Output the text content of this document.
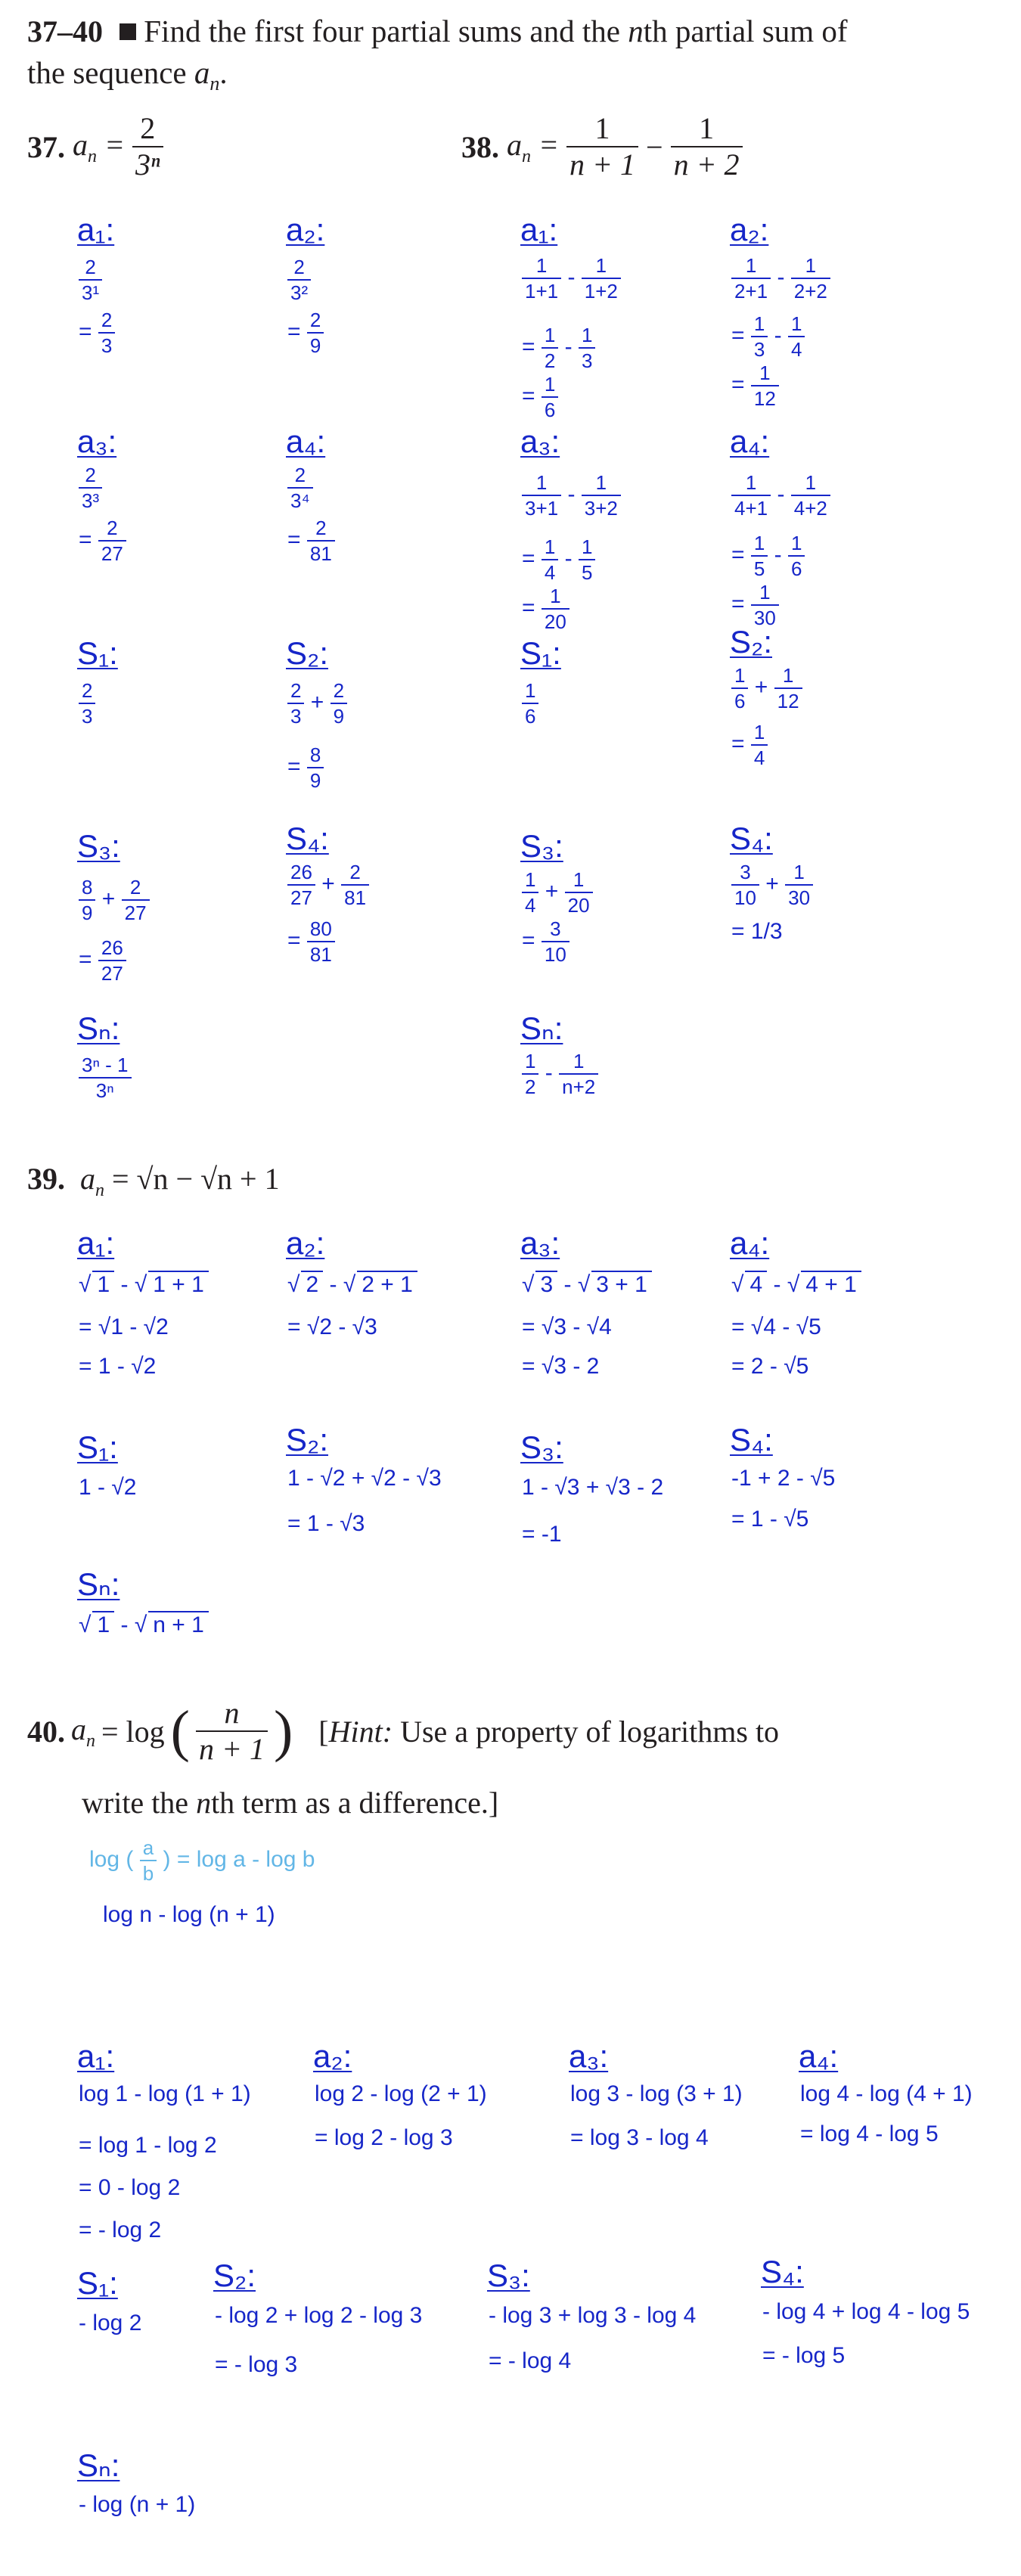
37–40 Find the first four partial sums and the nth partial sum of
the sequence $a_n$.
37. $a_n = \frac{2}{\text{3ⁿ}}$
a₁:
$\frac{2}{\text{3¹}}$
= $\frac{2}{3}$
a₂:
$\frac{2}{\text{3²}}$
= $\frac{2}{9}$
a₃:
$\frac{2}{\text{3³}}$
= $\frac{2}{27}$
a₄:
$\frac{2}{\text{3⁴}}$
= $\frac{2}{81}$
S₁:
$\frac{2}{3}$
S₂:
$\frac{2}{3} + \frac{2}{9}$
= $\frac{8}{9}$
S₃:
$\frac{8}{9} + \frac{2}{27}$
= $\frac{26}{27}$
S₄:
$\frac{26}{27} + \frac{2}{81}$
= $\frac{80}{81}$
Sₙ:
$\frac{\text{3ⁿ - 1}}{\text{3ⁿ}}$
38. $a_n = \frac{1}{n + 1} - \frac{1}{n + 2}$
a₁:
$\frac{1}{1+1} - \frac{1}{1+2}$
= $\frac{1}{2} - \frac{1}{3}$
= $\frac{1}{6}$
a₂:
$\frac{1}{2+1} - \frac{1}{2+2}$
= $\frac{1}{3} - \frac{1}{4}$
= $\frac{1}{12}$
a₃:
$\frac{1}{3+1} - \frac{1}{3+2}$
= $\frac{1}{4} - \frac{1}{5}$
= $\frac{1}{20}$
a₄:
$\frac{1}{4+1} - \frac{1}{4+2}$
= $\frac{1}{5} - \frac{1}{6}$
= $\frac{1}{30}$
S₁:
$\frac{1}{6}$
S₂:
$\frac{1}{6} + \frac{1}{12}$
= $\frac{1}{4}$
S₃:
$\frac{1}{4} + \frac{1}{20}$
= $\frac{3}{10}$
S₄:
$\frac{3}{10} + \frac{1}{30}$
= 1/3
Sₙ:
$\frac{1}{2} - \frac{1}{n+2}$
39. $a_n = √n - √n + 1$
a₁:
√ 1 - √ 1 + 1
= √1 - √2
= 1 - √2
a₂:
√ 2 - √ 2 + 1
= √2 - √3
a₃:
√ 3 - √ 3 + 1
= √3 - √4
= √3 - 2
a₄:
√ 4 - √ 4 + 1
= √4 - √5
= 2 - √5
S₁:
1 - √2
S₂:
1 - √2 + √2 - √3
= 1 - √3
S₃:
1 - √3 + √3 - 2
= -1
S₄:
-1 + 2 - √5
= 1 - √5
Sₙ:
√ 1 - √ n + 1
40. $a_n = \log$ ( $\frac{n}{n + 1}$ ) [Hint: Use a property of logarithms to
write the nth term as a difference.]
log ( $\frac{a}{b}$ ) = log a - log b
log n - log (n + 1)
a₁:
log 1 - log (1 + 1)
= log 1 - log 2
= 0 - log 2
= - log 2
a₂:
log 2 - log (2 + 1)
= log 2 - log 3
a₃:
log 3 - log (3 + 1)
= log 3 - log 4
a₄:
log 4 - log (4 + 1)
= log 4 - log 5
S₁:
- log 2
S₂:
- log 2 + log 2 - log 3
= - log 3
S₃:
- log 3 + log 3 - log 4
= - log 4
S₄:
- log 4 + log 4 - log 5
= - log 5
Sₙ:
- log (n + 1)
